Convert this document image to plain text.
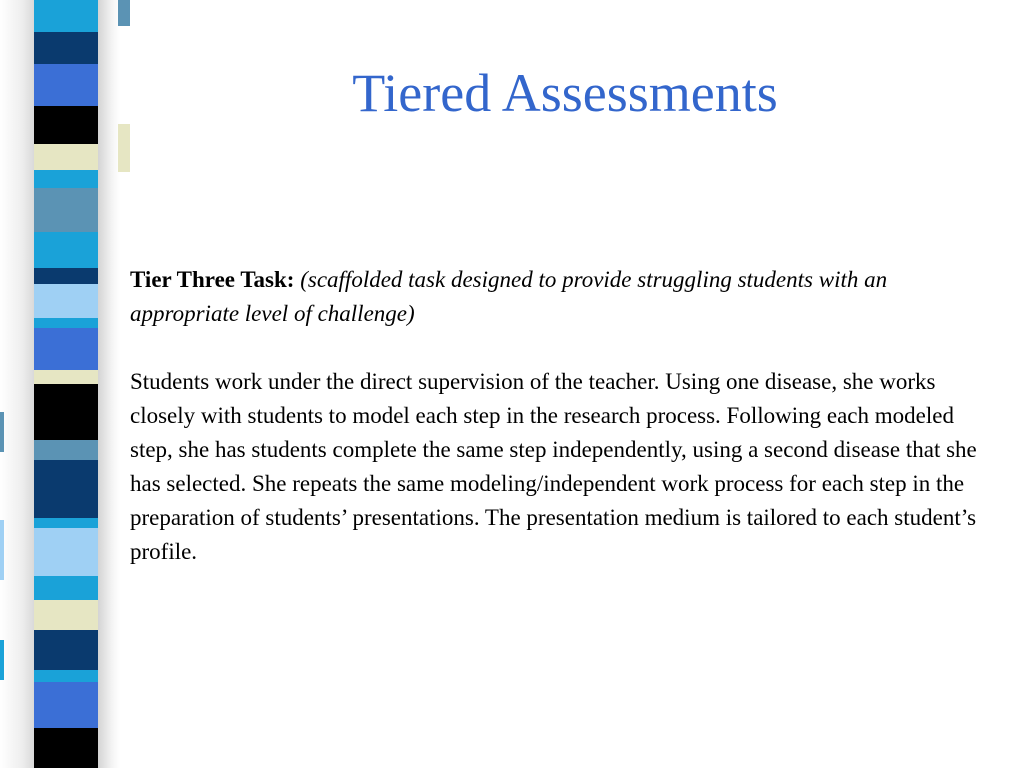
Tiered Assessments

Tier Three Task: (scaffolded task designed to provide struggling students with an appropriate level of challenge)

Students work under the direct supervision of the teacher. Using one disease, she works closely with students to model each step in the research process. Following each modeled step, she has students complete the same step independently, using a second disease that she has selected. She repeats the same modeling/independent work process for each step in the preparation of students’ presentations. The presentation medium is tailored to each student’s profile.
